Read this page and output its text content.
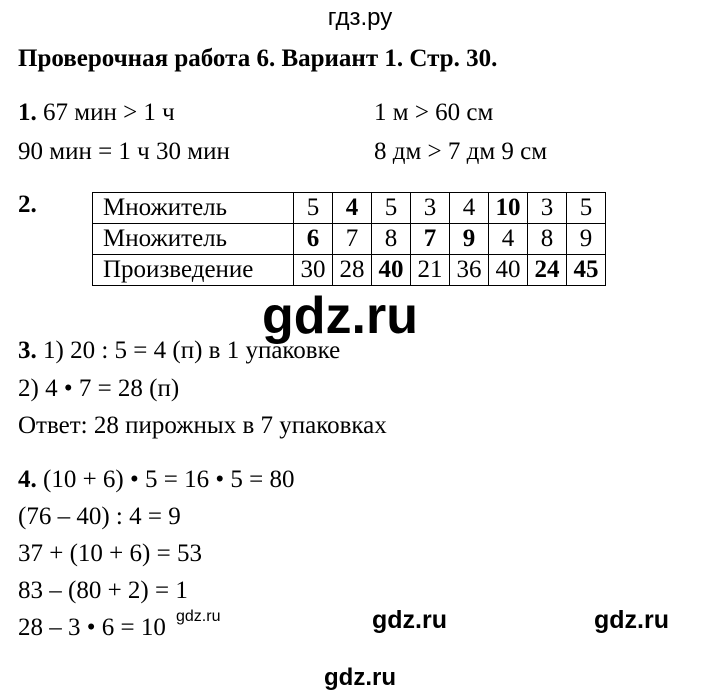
гдз.ру
Проверочная работа 6. Вариант 1. Стр. 30.
1. 67 мин > 1 ч	1 м > 60 см
90 мин = 1 ч 30 мин	8 дм > 7 дм 9 см
2.	Множитель	5	4	5	3	4	10	3	5
Множитель	6	7	8	7	9	4	8	9
Произведение	30	28	40	21	36	40	24	45
gdz.ru
3. 1) 20 : 5 = 4 (п) в 1 упаковке
2) 4 • 7 = 28 (п)
Ответ: 28 пирожных в 7 упаковках
4. (10 + 6) • 5 = 16 • 5 = 80
(76 – 40) : 4 = 9
37 + (10 + 6) = 53
83 – (80 + 2) = 1
28 – 3 • 6 = 10 gdz.ru	gdz.ru	gdz.ru
gdz.ru
